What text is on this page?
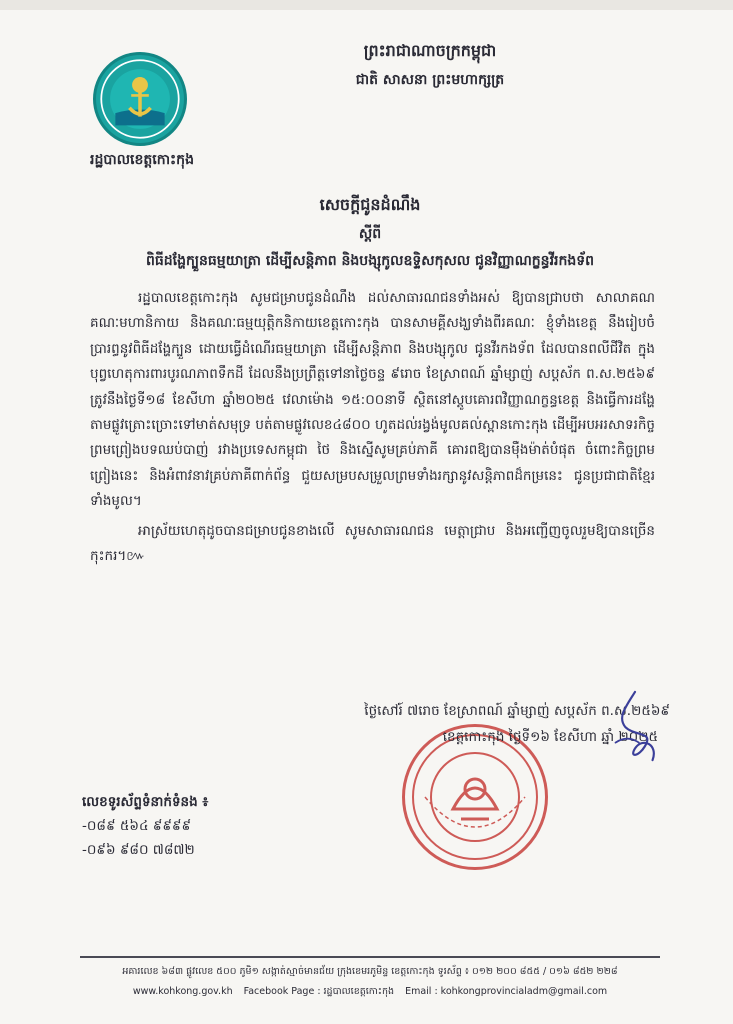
រដ្ឋបាលខេត្តកោះកុង
ព្រះរាជាណាចក្រកម្ពុជា
ជាតិ សាសនា ព្រះមហាក្សត្រ
សេចក្តីជូនដំណឹង
ស្តីពី
ពិធីដង្ហែក្បួនធម្មយាត្រា ដើម្បីសន្តិភាព និងបង្សុកូលឧទ្ទិសកុសល ជូនវិញ្ញាណក្ខន្ធវីរកងទ័ព

រដ្ឋបាលខេត្តកោះកុង សូមជម្រាបជូនដំណឹង ដល់សាធារណជនទាំងអស់ ឱ្យបានជ្រាបថា សាលាគណ គណៈមហានិកាយ និងគណៈធម្មយុត្តិកនិកាយខេត្តកោះកុង បានសាមគ្គីសង្ឃទាំងពីរគណៈ ខ្ញុំទាំងខេត្ត នឹងរៀបចំប្រារព្ធនូវពិធីដង្ហែក្បួន ដោយធ្វើដំណើរធម្មយាត្រា ដើម្បីសន្តិភាព និងបង្សុកូល ជូនវីរកងទ័ព ដែលបានពលីជីវិត ក្នុងបុព្វហេតុការពារបូរណភាពទឹកដី ដែលនឹងប្រព្រឹត្តទៅនាថ្ងៃចន្ទ ៩រោច ខែស្រាពណ៍ ឆ្នាំម្សាញ់ សប្តស័ក ព.ស.២៥៦៩ ត្រូវនឹងថ្ងៃទី១៨ ខែសីហា ឆ្នាំ២០២៥ វេលាម៉ោង ១៥:០០នាទី ស្ថិតនៅស្តូបគោរពវិញ្ញាណក្ខន្ធខេត្ត និងធ្វើការដង្ហែតាមផ្លូវត្រោះច្រោះទៅមាត់សមុទ្រ បត់តាមផ្លូវលេខ៤៨០០ ហូតដល់រង្វង់មូលគល់ស្ពានកោះកុង ដើម្បីអបអរសាទរកិច្ចព្រមព្រៀងបទឈប់បាញ់ រវាងប្រទេសកម្ពុជា ថៃ និងស្នើសូមគ្រប់ភាគី គោរពឱ្យបានម៉ឺងម៉ាត់បំផុត ចំពោះកិច្ចព្រមព្រៀងនេះ និងអំពាវនាវគ្រប់ភាគីពាក់ព័ន្ធ ជួយសម្របសម្រួលព្រមទាំងរក្សានូវសន្តិភាពដ៏កម្រនេះ ជូនប្រជាជាតិខ្មែរទាំងមូល។

អាស្រ័យហេតុដូចបានជម្រាបជូនខាងលើ សូមសាធារណជន មេត្តាជ្រាប និងអញ្ជើញចូលរួមឱ្យបានច្រើនកុះករ។៚

ថ្ងៃសៅរ៍ ៧រោច ខែស្រាពណ៍ ឆ្នាំម្សាញ់ សប្តស័ក ព.ស.២៥៦៩
ខេត្តកោះកុង ថ្ងៃទី១៦ ខែសីហា ឆ្នាំ ២០២៥
លេខទូរស័ព្ទទំនាក់ទំនង ៖
-០៨៩ ៥៦៤ ៩៩៩៩
-០៩៦ ៩៨០ ៧៨៧២
អគារលេខ ៦៨៣ ផ្លូវលេខ ៥០០ ភូមិ១ សង្កាត់ស្មាច់មានជ័យ ក្រុងខេមរភូមិន្ទ ខេត្តកោះកុង ទូរស័ព្ទ ៖ ០១២ ២០០ ៨៥៥ / ០១៦ ៨៥២ ២២៨
www.kohkong.gov.kh Facebook Page : រដ្ឋបាលខេត្តកោះកុង Email : kohkongprovincialadm@gmail.com
